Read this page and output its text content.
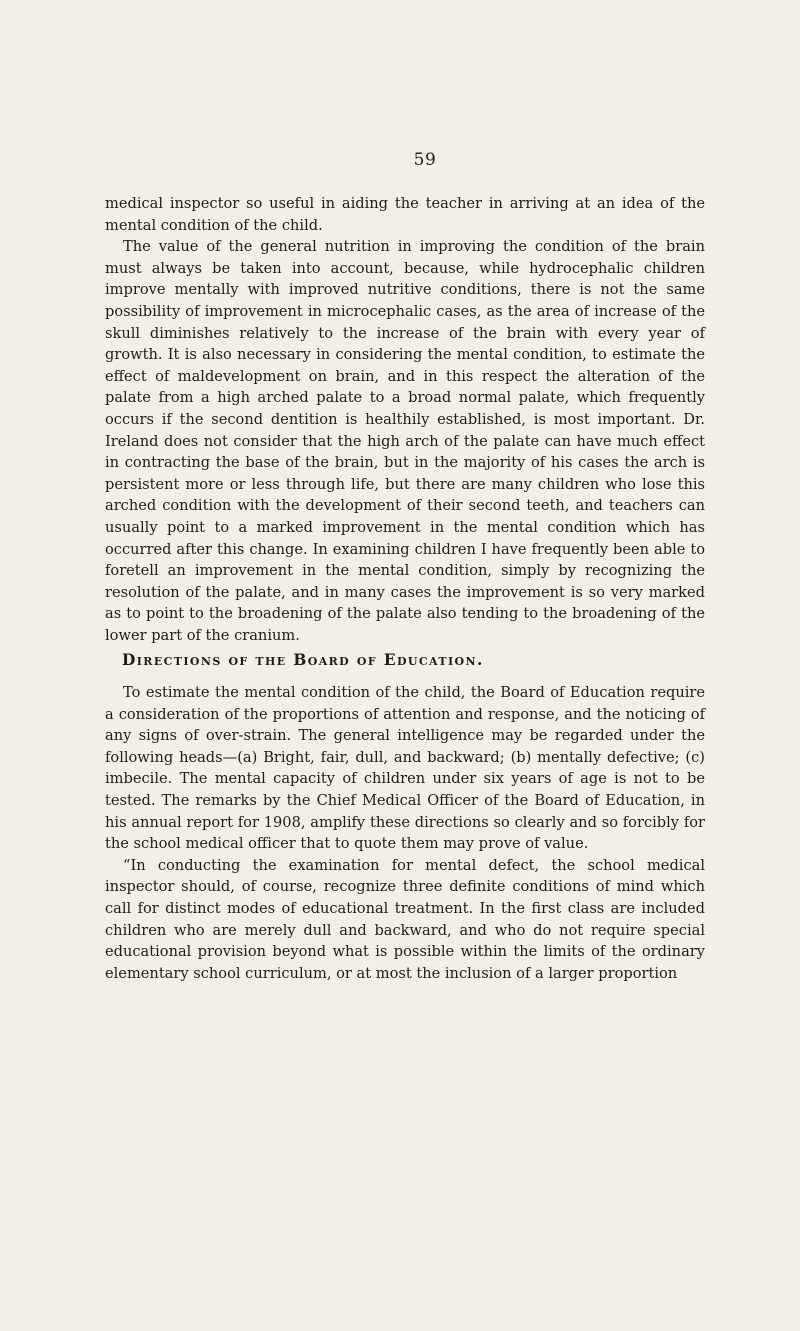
59

medical inspector so useful in aiding the teacher in arriving at an idea of the mental condition of the child.

The value of the general nutrition in improving the condition of the brain must always be taken into account, because, while hydrocephalic children improve mentally with improved nutritive conditions, there is not the same possibility of improvement in microcephalic cases, as the area of increase of the skull diminishes relatively to the increase of the brain with every year of growth. It is also necessary in considering the mental condition, to estimate the effect of maldevelopment on brain, and in this respect the alteration of the palate from a high arched palate to a broad normal palate, which frequently occurs if the second dentition is healthily established, is most important. Dr. Ireland does not consider that the high arch of the palate can have much effect in contracting the base of the brain, but in the majority of his cases the arch is persistent more or less through life, but there are many children who lose this arched condition with the development of their second teeth, and teachers can usually point to a marked improvement in the mental condition which has occurred after this change. In examining children I have frequently been able to foretell an improvement in the mental condition, simply by recognizing the resolution of the palate, and in many cases the improvement is so very marked as to point to the broadening of the palate also tending to the broadening of the lower part of the cranium.

Directions of the Board of Education.

To estimate the mental condition of the child, the Board of Education require a consideration of the proportions of attention and response, and the noticing of any signs of over-strain. The general intelligence may be regarded under the following heads—(a) Bright, fair, dull, and backward; (b) mentally defective; (c) imbecile. The mental capacity of children under six years of age is not to be tested. The remarks by the Chief Medical Officer of the Board of Education, in his annual report for 1908, amplify these directions so clearly and so forcibly for the school medical officer that to quote them may prove of value.

“In conducting the examination for mental defect, the school medical inspector should, of course, recognize three definite conditions of mind which call for distinct modes of educational treatment. In the first class are included children who are merely dull and backward, and who do not require special educational provision beyond what is possible within the limits of the ordinary elementary school curriculum, or at most the inclusion of a larger proportion
